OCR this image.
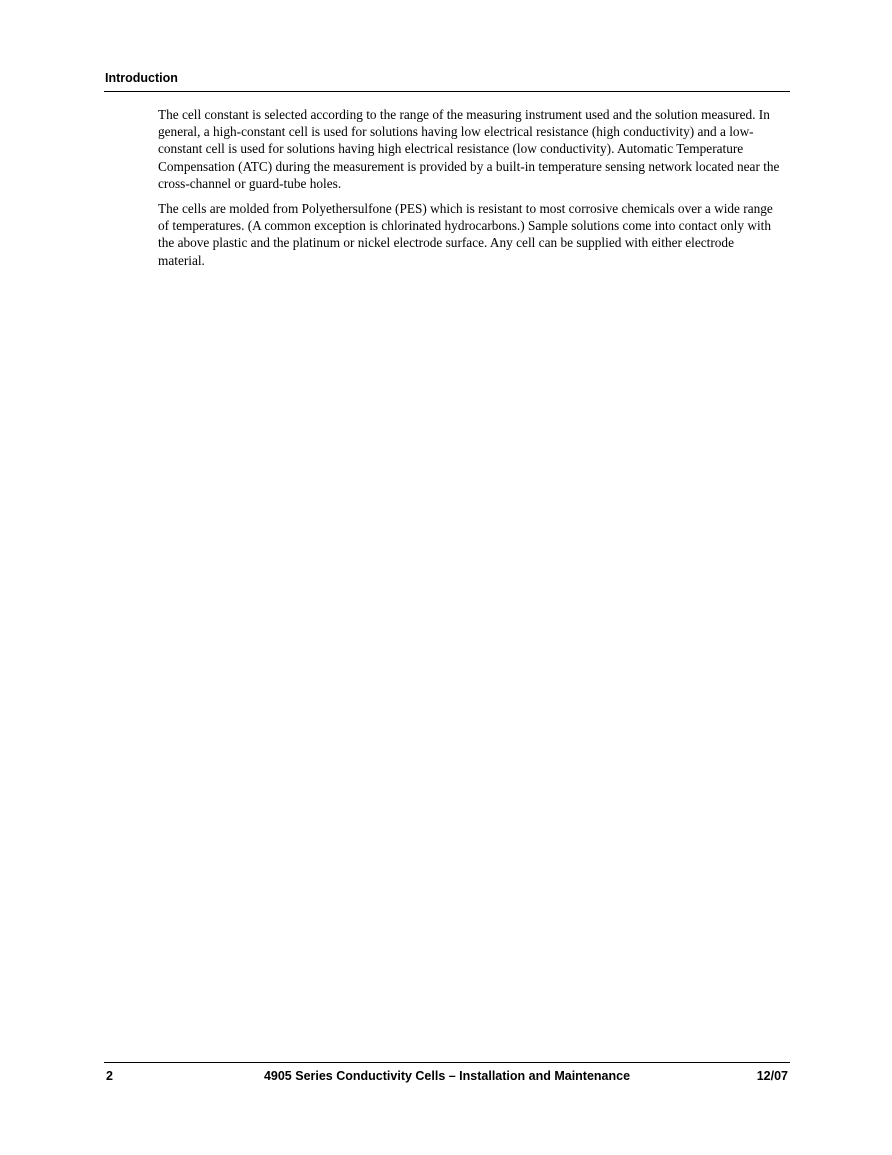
Introduction

The cell constant is selected according to the range of the measuring instrument used and the solution measured. In general, a high-constant cell is used for solutions having low electrical resistance (high conductivity) and a low-constant cell is used for solutions having high electrical resistance (low conductivity). Automatic Temperature Compensation (ATC) during the measurement is provided by a built-in temperature sensing network located near the cross-channel or guard-tube holes.

The cells are molded from Polyethersulfone (PES) which is resistant to most corrosive chemicals over a wide range of temperatures. (A common exception is chlorinated hydrocarbons.) Sample solutions come into contact only with the above plastic and the platinum or nickel electrode surface. Any cell can be supplied with either electrode material.

4905 Series Conductivity Cells – Installation and Maintenance
2	12/07
